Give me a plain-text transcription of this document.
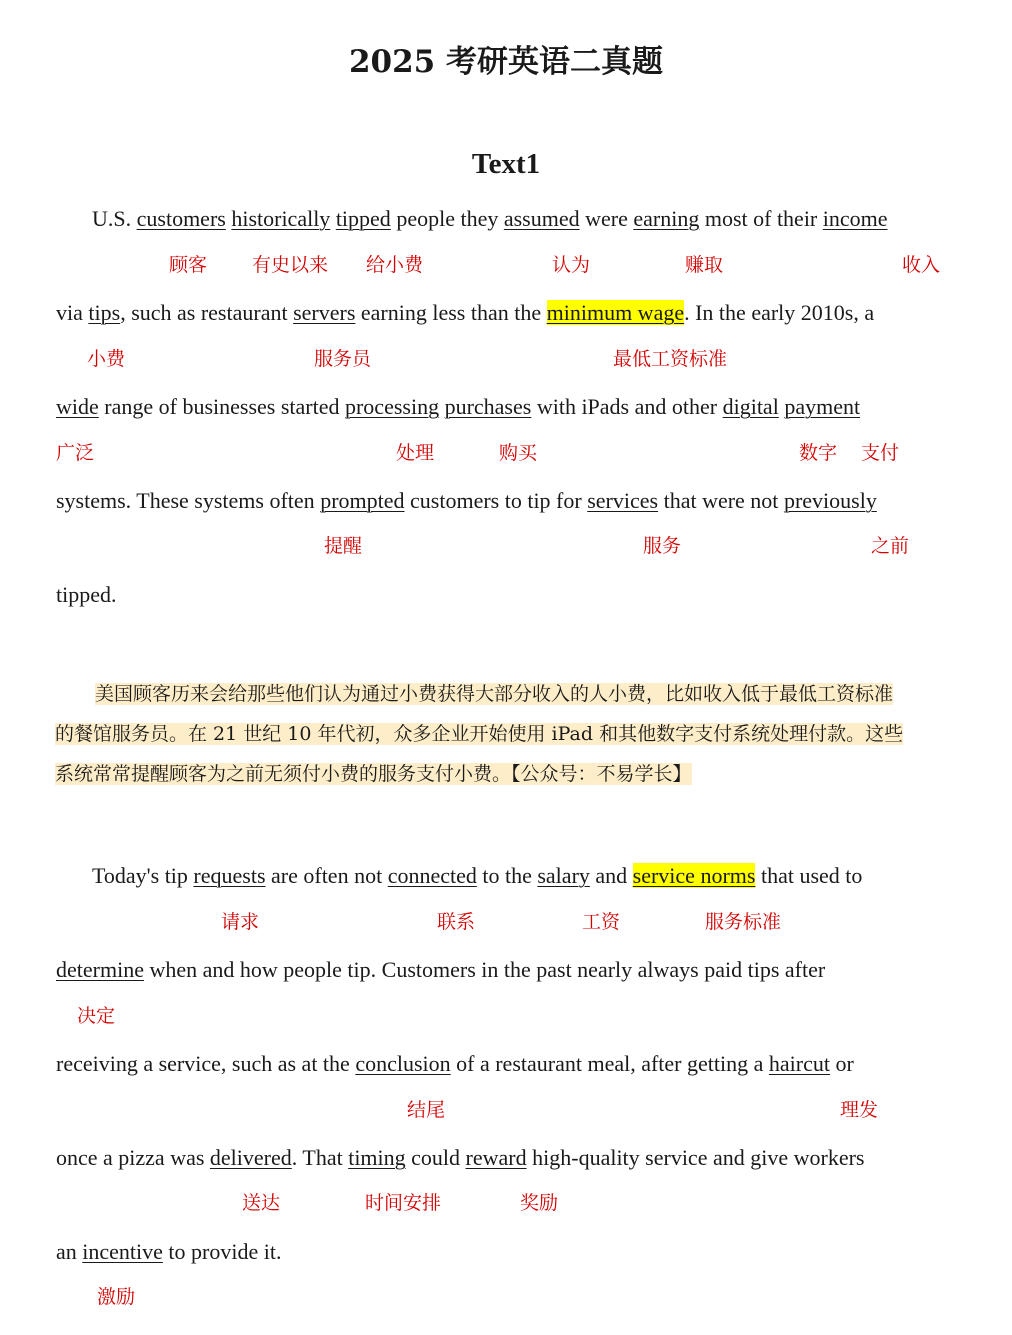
2025 考研英语二真题
Text1
U.S. customers historically tipped people they assumed were earning most of their income
顾客 有史以来 给小费	认为	赚取	收入
via tips, such as restaurant servers earning less than the minimum wage. In the early 2010s, a
小费	服务员	最低工资标准
wide range of businesses started processing purchases with iPads and other digital payment
广泛	处理	购买	数字 支付
systems. These systems often prompted customers to tip for services that were not previously
提醒	服务	之前
tipped.
美国顾客历来会给那些他们认为通过小费获得大部分收入的人小费，比如收入低于最低工资标准
的餐馆服务员。在 21 世纪 10 年代初，众多企业开始使用 iPad 和其他数字支付系统处理付款。这些
系统常常提醒顾客为之前无须付小费的服务支付小费。【公众号：不易学长】
Today's tip requests are often not connected to the salary and service norms that used to
请求	联系	工资	服务标准
determine when and how people tip. Customers in the past nearly always paid tips after
决定
receiving a service, such as at the conclusion of a restaurant meal, after getting a haircut or
结尾	理发
once a pizza was delivered. That timing could reward high-quality service and give workers
送达	时间安排	奖励
an incentive to provide it.
激励
